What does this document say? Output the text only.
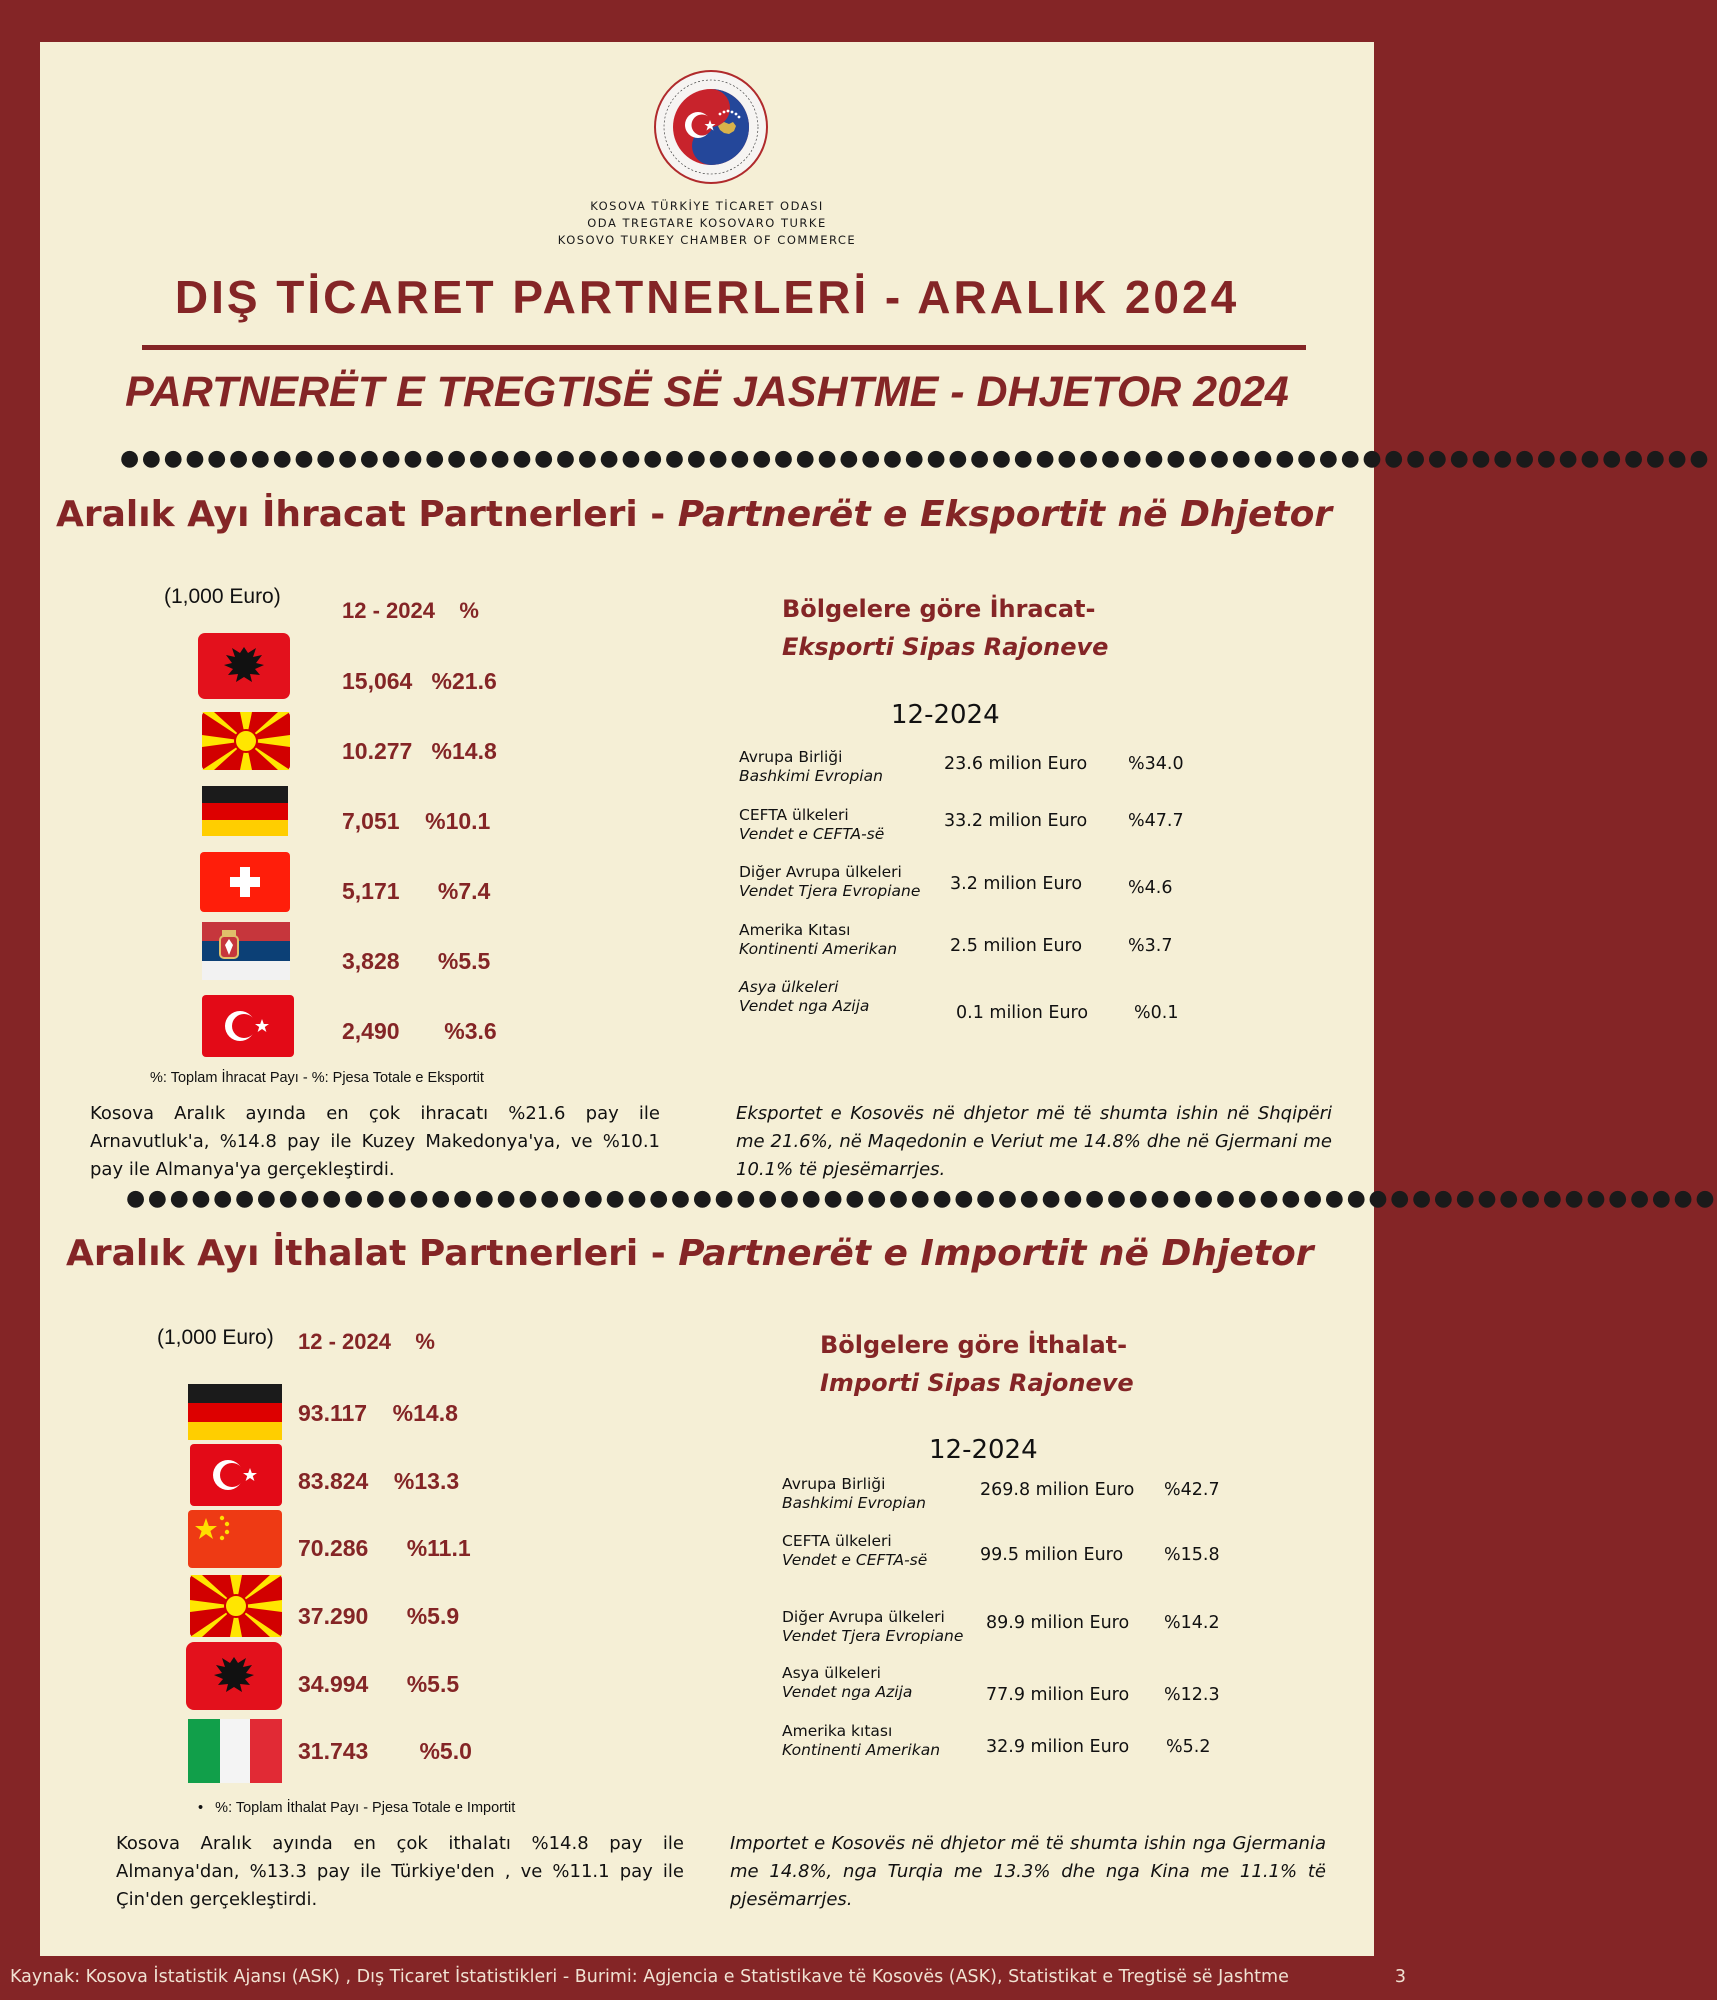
KOSOVA TÜRKİYE TİCARET ODASI
ODA TREGTARE KOSOVARO TURKE
KOSOVO TURKEY CHAMBER OF COMMERCE
DIŞ TİCARET PARTNERLERİ - ARALIK 2024
PARTNERËT E TREGTISË SË JASHTME - DHJETOR 2024
●●●●●●●●●●●●●●●●●●●●●●●●●●●●●●●●●●●●●●●●●●●●●●●●●●●●●●●●●●●●●●●●●●●●●●●●●
Aralık Ayı İhracat Partnerleri - Partnerët e Eksportit në Dhjetor
(1,000 Euro)
12 - 2024    %
15,064 %21.6
10.277 %14.8
7,051 %10.1
5,171 %7.4
3,828 %5.5
2,490 %3.6
%: Toplam İhracat Payı - %: Pjesa Totale e Eksportit
Bölgelere göre İhracat-
Eksporti Sipas Rajoneve
12-2024
Avrupa Birliği
Bashkimi Evropian
23.6 milion Euro %34.0
CEFTA ülkeleri
Vendet e CEFTA-së
33.2 milion Euro %47.7
Diğer Avrupa ülkeleri
Vendet Tjera Evropiane 3.2 milion Euro	%4.6
Amerika Kıtası
Kontinenti Amerikan	2.5 milion Euro	%3.7
Asya ülkeleri
Vendet nga Azija	0.1 milion Euro	%0.1
Kosova Aralık ayında en çok ihracatı %21.6 pay ile Arnavutluk'a, %14.8 pay ile Kuzey Makedonya'ya, ve %10.1 pay ile Almanya'ya gerçekleştirdi.
Eksportet e Kosovës në dhjetor më të shumta ishin në Shqipëri me 21.6%, në Maqedonin e Veriut me 14.8% dhe në Gjermani me 10.1% të pjesëmarrjes.
●●●●●●●●●●●●●●●●●●●●●●●●●●●●●●●●●●●●●●●●●●●●●●●●●●●●●●●●●●●●●●●●●●●●●●●●●
Aralık Ayı İthalat Partnerleri - Partnerët e Importit në Dhjetor
(1,000 Euro) 12 - 2024    %
93.117 %14.8
83.824 %13.3
70.286 %11.1
37.290 %5.9
34.994 %5.5
31.743 %5.0
•   %: Toplam İthalat Payı - Pjesa Totale e Importit
Bölgelere göre İthalat-
Importi Sipas Rajoneve
12-2024
Avrupa Birliği
Bashkimi Evropian
269.8 milion Euro %42.7
CEFTA ülkeleri
Vendet e CEFTA-së	99.5 milion Euro %15.8
Diğer Avrupa ülkeleri
Vendet Tjera Evropiane
89.9 milion Euro %14.2
Asya ülkeleri
Vendet nga Azija	77.9 milion Euro %12.3
Amerika kıtası
Kontinenti Amerikan	32.9 milion Euro %5.2
Kosova Aralık ayında en çok ithalatı %14.8 pay ile Almanya'dan, %13.3 pay ile Türkiye'den , ve %11.1 pay ile Çin'den gerçekleştirdi.
Importet e Kosovës në dhjetor më të shumta ishin nga Gjermania me 14.8%, nga Turqia me 13.3% dhe nga Kina me 11.1% të pjesëmarrjes.
Kaynak: Kosova İstatistik Ajansı (ASK) , Dış Ticaret İstatistikleri - Burimi: Agjencia e Statistikave të Kosovës (ASK), Statistikat e Tregtisë së Jashtme	3
